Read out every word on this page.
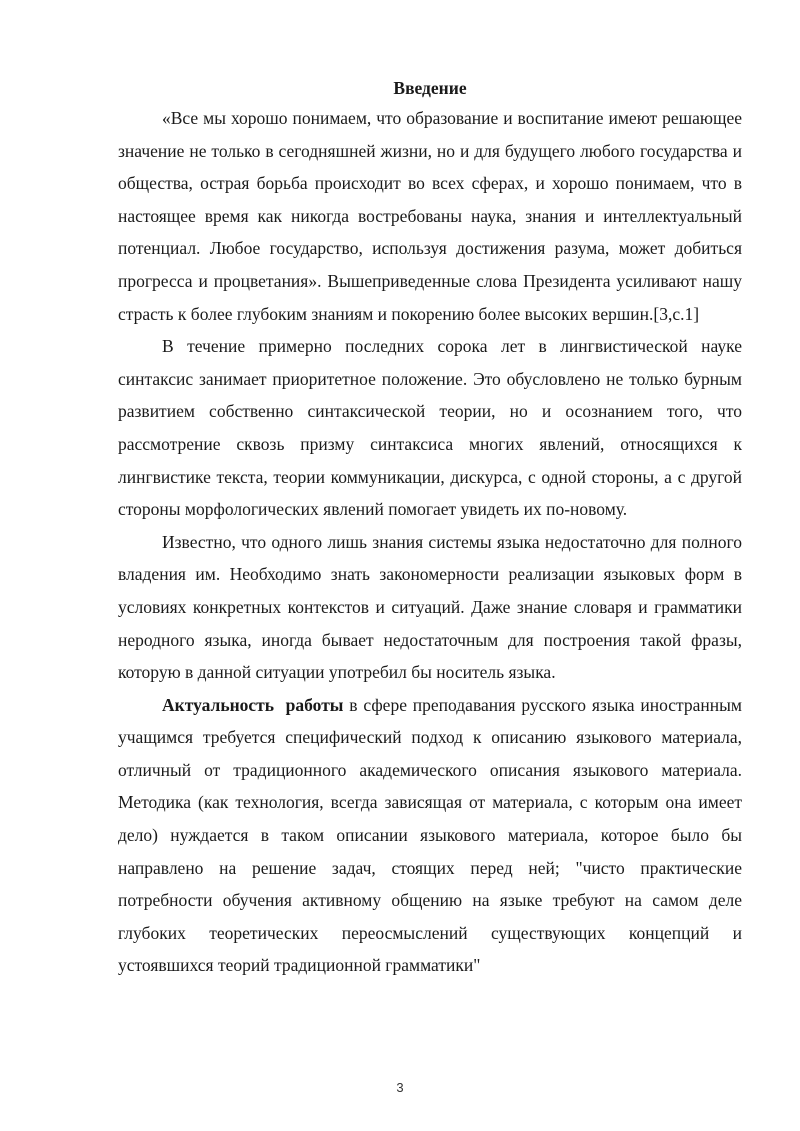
Введение

«Все мы хорошо понимаем, что образование и воспитание имеют решающее значение не только в сегодняшней жизни, но и для будущего любого государства и общества, острая борьба происходит во всех сферах, и хорошо понимаем, что в настоящее время как никогда востребованы наука, знания и интеллектуальный потенциал. Любое государство, используя достижения разума, может добиться прогресса и процветания». Вышеприведенные слова Президента усиливают нашу страсть к более глубоким знаниям и покорению более высоких вершин.[3,с.1]

В течение примерно последних сорока лет в лингвистической науке синтаксис занимает приоритетное положение. Это обусловлено не только бурным развитием собственно синтаксической теории, но и осознанием того, что рассмотрение сквозь призму синтаксиса многих явлений, относящихся к лингвистике текста, теории коммуникации, дискурса, с одной стороны, а с другой стороны морфологических явлений помогает увидеть их по-новому.

Известно, что одного лишь знания системы языка недостаточно для полного владения им. Необходимо знать закономерности реализации языковых форм в условиях конкретных контекстов и ситуаций. Даже знание словаря и грамматики неродного языка, иногда бывает недостаточным для построения такой фразы, которую в данной ситуации употребил бы носитель языка.

Актуальность  работы в сфере преподавания русского языка иностранным учащимся требуется специфический подход к описанию языкового материала, отличный от традиционного академического описания языкового материала. Методика (как технология, всегда зависящая от материала, с которым она имеет дело) нуждается в таком описании языкового материала, которое было бы направлено на решение задач, стоящих перед ней; "чисто практические потребности обучения активному общению на языке требуют на самом деле глубоких теоретических переосмыслений существующих концепций и устоявшихся теорий традиционной грамматики"

3
